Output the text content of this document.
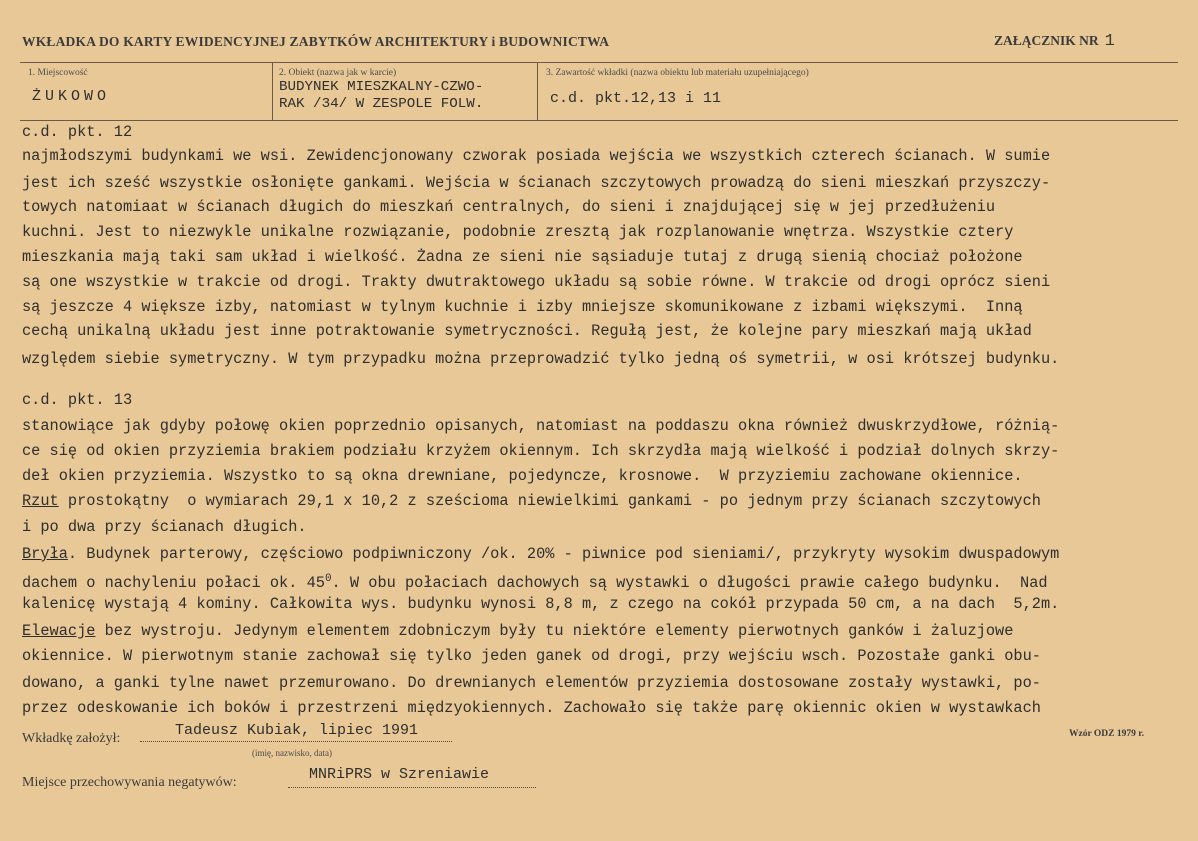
WKŁADKA DO KARTY EWIDENCYJNEJ ZABYTKÓW ARCHITEKTURY i BUDOWNICTWA	ZAŁĄCZNIK NR 1
1. Miejscowość
ŻUKOWO
2. Obiekt (nazwa jak w karcie)
BUDYNEK MIESZKALNY-CZWO-
RAK /34/ W ZESPOLE FOLW.
3. Zawartość wkładki (nazwa obiektu lub materiału uzupełniającego)
c.d. pkt.12,13 i 11
c.d. pkt. 12
najmłodszymi budynkami we wsi. Zewidencjonowany czworak posiada wejścia we wszystkich czterech ścianach. W sumie
jest ich sześć wszystkie osłonięte gankami. Wejścia w ścianach szczytowych prowadzą do sieni mieszkań przyszczy-
towych natomiaat w ścianach długich do mieszkań centralnych, do sieni i znajdującej się w jej przedłużeniu
kuchni. Jest to niezwykle unikalne rozwiązanie, podobnie zresztą jak rozplanowanie wnętrza. Wszystkie cztery
mieszkania mają taki sam układ i wielkość. Żadna ze sieni nie sąsiaduje tutaj z drugą sienią chociaż położone
są one wszystkie w trakcie od drogi. Trakty dwutraktowego układu są sobie równe. W trakcie od drogi oprócz sieni
są jeszcze 4 większe izby, natomiast w tylnym kuchnie i izby mniejsze skomunikowane z izbami większymi.  Inną
cechą unikalną układu jest inne potraktowanie symetryczności. Regułą jest, że kolejne pary mieszkań mają układ
względem siebie symetryczny. W tym przypadku można przeprowadzić tylko jedną oś symetrii, w osi krótszej budynku.
c.d. pkt. 13
stanowiące jak gdyby połowę okien poprzednio opisanych, natomiast na poddaszu okna również dwuskrzydłowe, różnią-
ce się od okien przyziemia brakiem podziału krzyżem okiennym. Ich skrzydła mają wielkość i podział dolnych skrzy-
deł okien przyziemia. Wszystko to są okna drewniane, pojedyncze, krosnowe.  W przyziemiu zachowane okiennice.
Rzut prostokątny  o wymiarach 29,1 x 10,2 z sześcioma niewielkimi gankami - po jednym przy ścianach szczytowych
i po dwa przy ścianach długich.
Bryła. Budynek parterowy, częściowo podpiwniczony /ok. 20% - piwnice pod sieniami/, przykryty wysokim dwuspadowym
dachem o nachyleniu połaci ok. $45^0$. W obu połaciach dachowych są wystawki o długości prawie całego budynku.  Nad
kalenicę wystają 4 kominy. Całkowita wys. budynku wynosi 8,8 m, z czego na cokół przypada 50 cm, a na dach  5,2m.
Elewacje bez wystroju. Jedynym elementem zdobniczym były tu niektóre elementy pierwotnych ganków i żaluzjowe
okiennice. W pierwotnym stanie zachował się tylko jeden ganek od drogi, przy wejściu wsch. Pozostałe ganki obu-
dowano, a ganki tylne nawet przemurowano. Do drewnianych elementów przyziemia dostosowane zostały wystawki, po-
przez odeskowanie ich boków i przestrzeni międzyokiennych. Zachowało się także parę okiennic okien w wystawkach
Wkładkę założył:	Tadeusz Kubiak, lipiec 1991
(imię, nazwisko, data)
Wzór ODZ 1979 r.
Miejsce przechowywania negatywów:	MNRiPRS w Szreniawie
